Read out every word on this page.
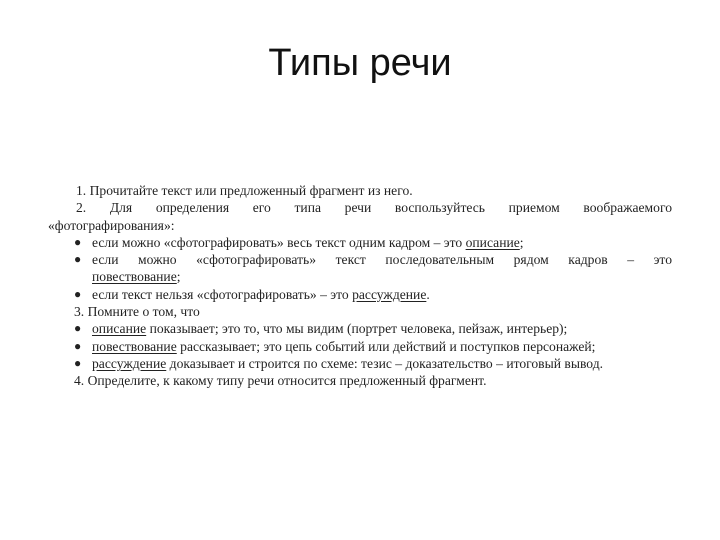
Типы речи
1. Прочитайте текст или предложенный фрагмент из него.
2. Для определения его типа речи воспользуйтесь приемом воображаемого
«фотографирования»:
● если можно «сфотографировать» весь текст одним кадром – это описание;
● если можно «сфотографировать» текст последовательным рядом кадров – это
повествование;
● если текст нельзя «сфотографировать» – это рассуждение.
3. Помните о том, что
● описание показывает; это то, что мы видим (портрет человека, пейзаж, интерьер);
● повествование рассказывает; это цепь событий или действий и поступков персонажей;
● рассуждение доказывает и строится по схеме: тезис – доказательство – итоговый вывод.
4. Определите, к какому типу речи относится предложенный фрагмент.
